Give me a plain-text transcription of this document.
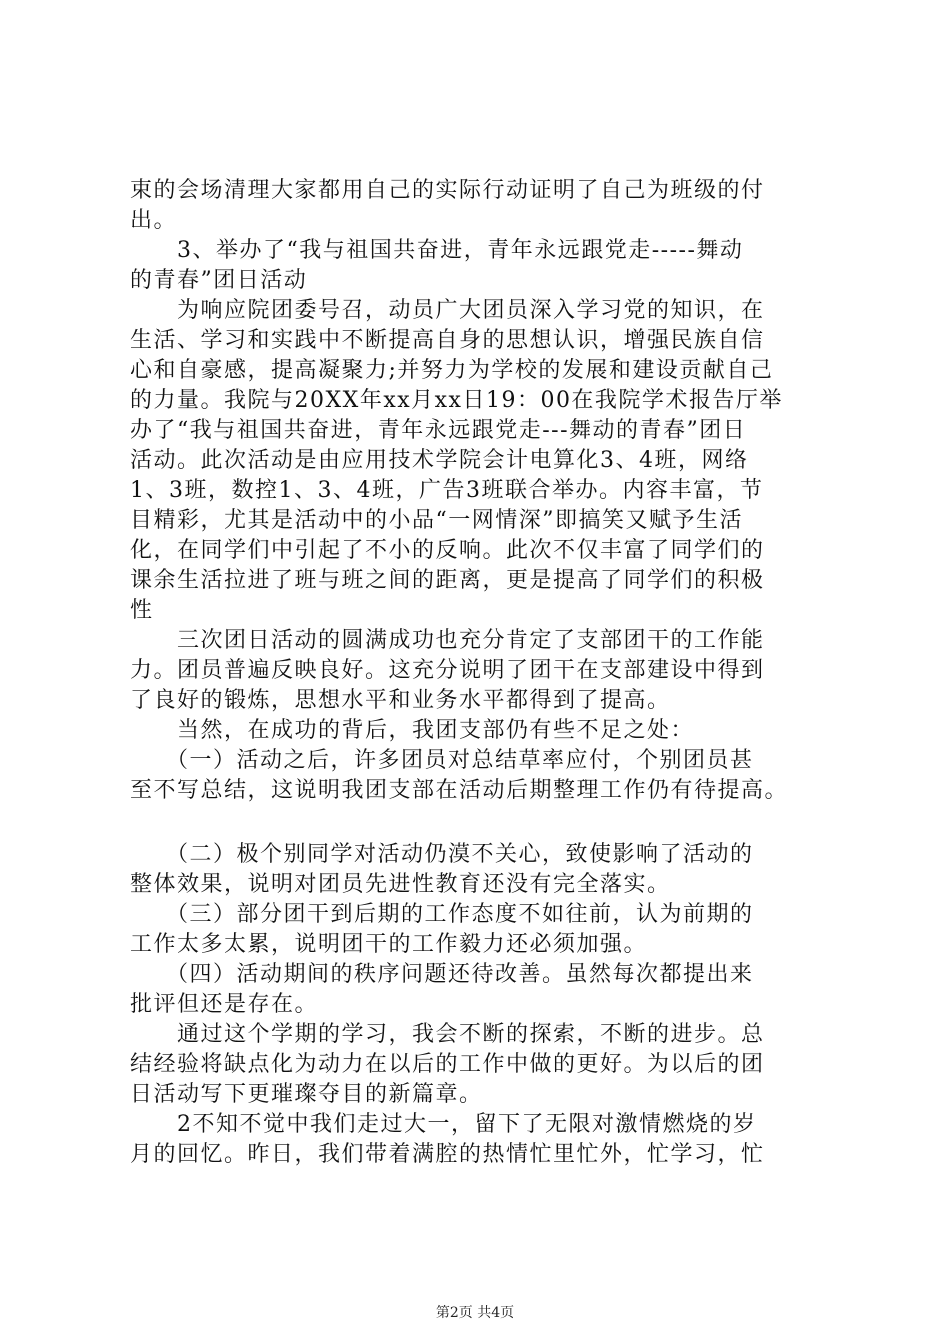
束的会场清理大家都用自己的实际行动证明了自己为班级的付
出。
　　3、举办了“我与祖国共奋进，青年永远跟党走-----舞动
的青春”团日活动
　　为响应院团委号召，动员广大团员深入学习党的知识，在
生活、学习和实践中不断提高自身的思想认识，增强民族自信
心和自豪感，提高凝聚力;并努力为学校的发展和建设贡献自己
的力量。我院与20XX年xx月xx日19：00在我院学术报告厅举
办了“我与祖国共奋进，青年永远跟党走---舞动的青春”团日
活动。此次活动是由应用技术学院会计电算化3、4班，网络
1、3班，数控1、3、4班，广告3班联合举办。内容丰富，节
目精彩，尤其是活动中的小品“一网情深”即搞笑又赋予生活
化，在同学们中引起了不小的反响。此次不仅丰富了同学们的
课余生活拉进了班与班之间的距离，更是提高了同学们的积极
性
　　三次团日活动的圆满成功也充分肯定了支部团干的工作能
力。团员普遍反映良好。这充分说明了团干在支部建设中得到
了良好的锻炼，思想水平和业务水平都得到了提高。
　　当然，在成功的背后，我团支部仍有些不足之处：
　　（一）活动之后，许多团员对总结草率应付，个别团员甚
至不写总结，这说明我团支部在活动后期整理工作仍有待提高。
　　（二）极个别同学对活动仍漠不关心，致使影响了活动的
整体效果，说明对团员先进性教育还没有完全落实。
　　（三）部分团干到后期的工作态度不如往前，认为前期的
工作太多太累，说明团干的工作毅力还必须加强。
　　（四）活动期间的秩序问题还待改善。虽然每次都提出来
批评但还是存在。
　　通过这个学期的学习，我会不断的探索，不断的进步。总
结经验将缺点化为动力在以后的工作中做的更好。为以后的团
日活动写下更璀璨夺目的新篇章。
　　2不知不觉中我们走过大一，留下了无限对激情燃烧的岁
月的回忆。昨日，我们带着满腔的热情忙里忙外，忙学习，忙
第2页 共4页
